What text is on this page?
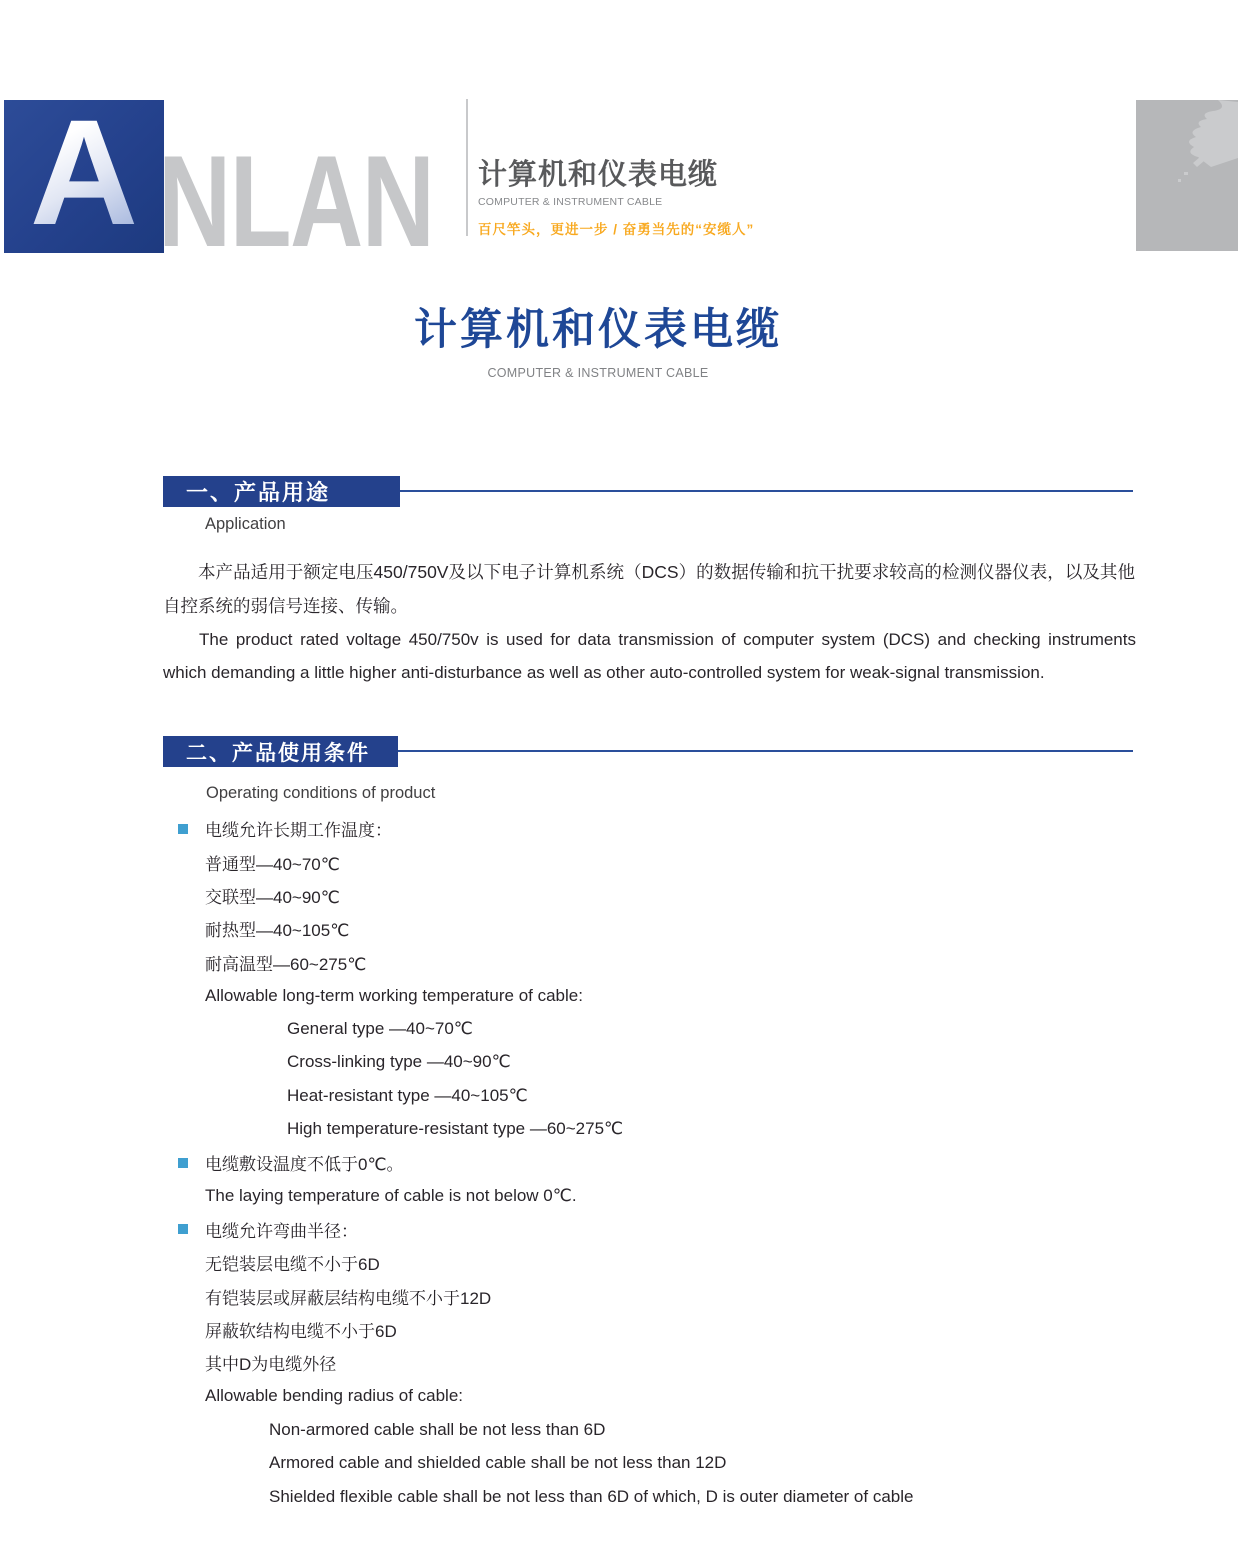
A NLAN 计算机和仪表电缆
COMPUTER & INSTRUMENT CABLE
百尺竿头，更进一步 / 奋勇当先的“安缆人”
计算机和仪表电缆
COMPUTER & INSTRUMENT CABLE
一、产品用途
Application

本产品适用于额定电压450/750V及以下电子计算机系统（DCS）的数据传输和抗干扰要求较高的检测仪器仪表，以及其他自控系统的弱信号连接、传输。

The product rated voltage 450/750v is used for data transmission of computer system (DCS) and checking instruments which demanding a little higher anti-disturbance as well as other auto-controlled system for weak-signal transmission.

二、产品使用条件
Operating conditions of product
电缆允许长期工作温度：
普通型—40~70℃
交联型—40~90℃
耐热型—40~105℃
耐高温型—60~275℃
Allowable long-term working temperature of cable:
General type —40~70℃
Cross-linking type —40~90℃
Heat-resistant type —40~105℃
High temperature-resistant type —60~275℃
电缆敷设温度不低于0℃。
The laying temperature of cable is not below 0℃.
电缆允许弯曲半径：
无铠装层电缆不小于6D
有铠装层或屏蔽层结构电缆不小于12D
屏蔽软结构电缆不小于6D
其中D为电缆外径
Allowable bending radius of cable:
Non-armored cable shall be not less than 6D
Armored cable and shielded cable shall be not less than 12D
Shielded flexible cable shall be not less than 6D of which, D is outer diameter of cable
